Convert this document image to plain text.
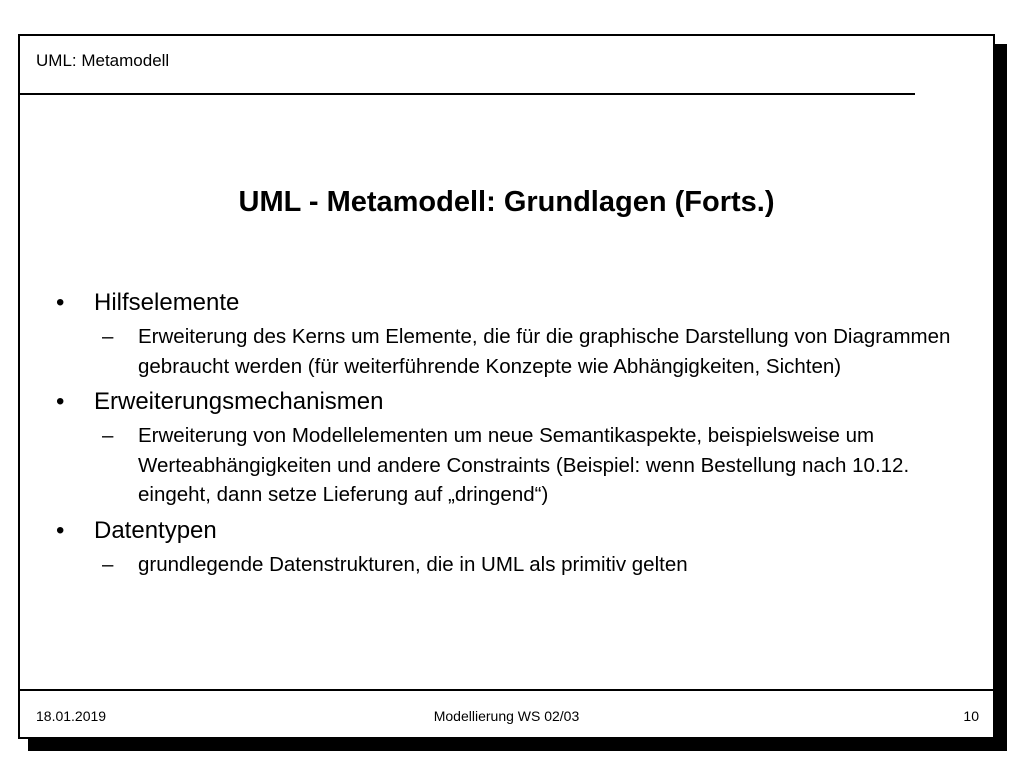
UML: Metamodell
UML - Metamodell: Grundlagen (Forts.)
• Hilfselemente
– Erweiterung des Kerns um Elemente, die für die graphische Darstellung von Diagrammen gebraucht werden (für weiterführende Konzepte wie Abhängigkeiten, Sichten)
• Erweiterungsmechanismen
– Erweiterung von Modellelementen um neue Semantikaspekte, beispielsweise um Werteabhängigkeiten und andere Constraints (Beispiel: wenn Bestellung nach 10.12. eingeht, dann setze Lieferung auf „dringend“)
• Datentypen
– grundlegende Datenstrukturen, die in UML als primitiv gelten
18.01.2019	Modellierung WS 02/03	10
